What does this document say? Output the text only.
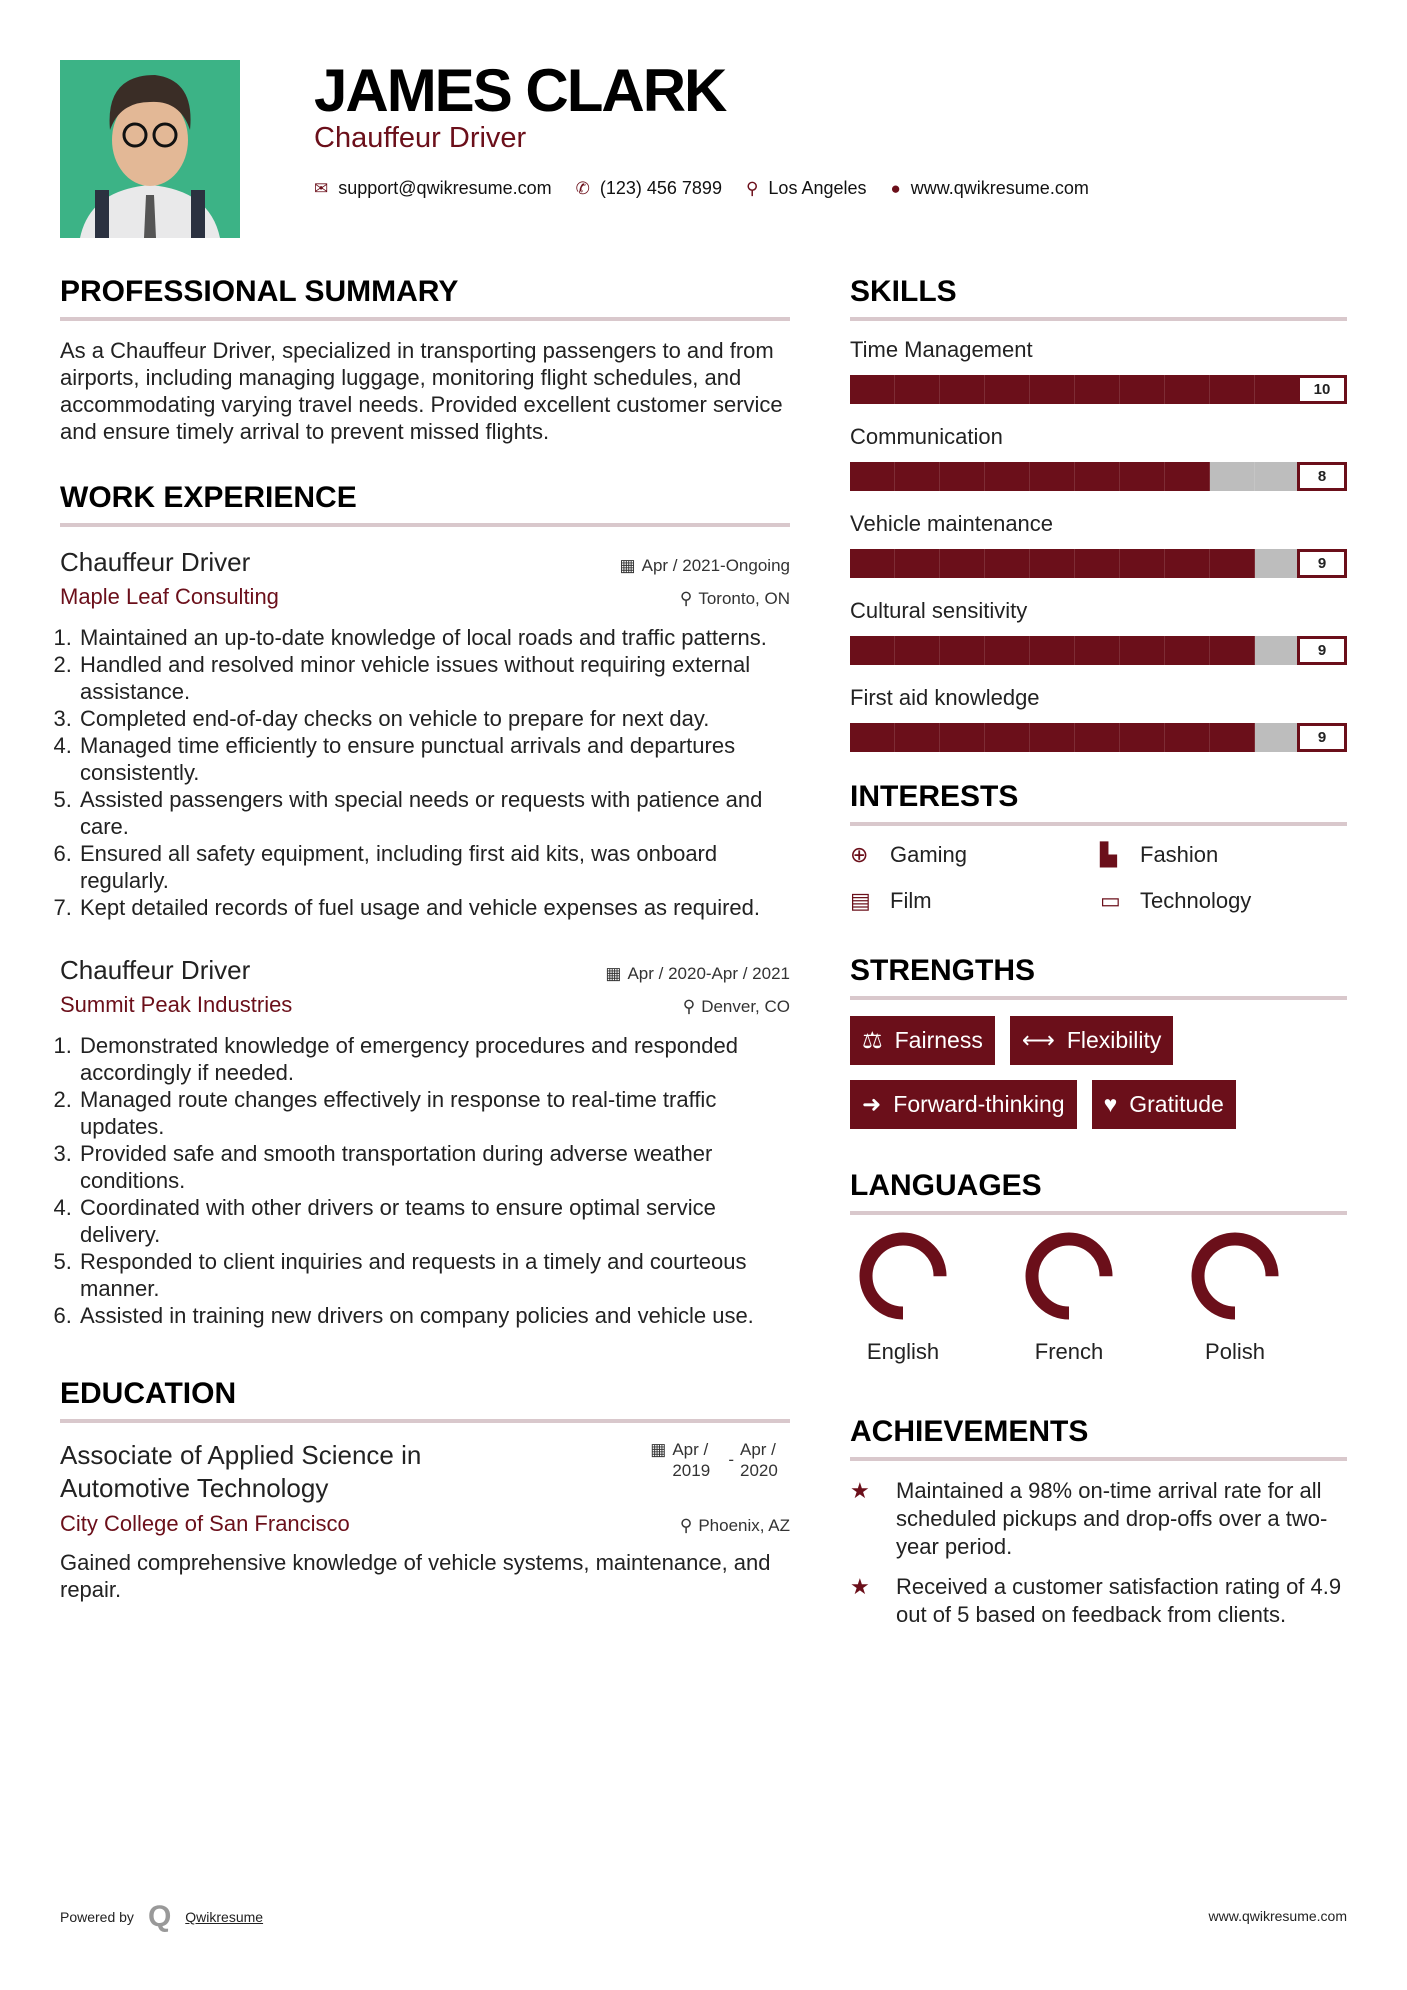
JAMES CLARK
Chauffeur Driver
✉ support@qwikresume.com ✆ (123) 456 7899 ⚲ Los Angeles ● www.qwikresume.com
PROFESSIONAL SUMMARY

As a Chauffeur Driver, specialized in transporting passengers to and from airports, including managing luggage, monitoring flight schedules, and accommodating varying travel needs. Provided excellent customer service and ensure timely arrival to prevent missed flights.

WORK EXPERIENCE
Chauffeur Driver	▦ Apr / 2021-Ongoing
Maple Leaf Consulting	⚲ Toronto, ON
1. Maintained an up-to-date knowledge of local roads and traffic patterns.
2. Handled and resolved minor vehicle issues without requiring external assistance.
3. Completed end-of-day checks on vehicle to prepare for next day.
4. Managed time efficiently to ensure punctual arrivals and departures consistently.
5. Assisted passengers with special needs or requests with patience and care.
6. Ensured all safety equipment, including first aid kits, was onboard regularly.
7. Kept detailed records of fuel usage and vehicle expenses as required.
Chauffeur Driver	▦ Apr / 2020-Apr / 2021
Summit Peak Industries	⚲ Denver, CO
1. Demonstrated knowledge of emergency procedures and responded accordingly if needed.
2. Managed route changes effectively in response to real-time traffic updates.
3. Provided safe and smooth transportation during adverse weather conditions.
4. Coordinated with other drivers or teams to ensure optimal service delivery.
5. Responded to client inquiries and requests in a timely and courteous manner.
6. Assisted in training new drivers on company policies and vehicle use.
EDUCATION
Associate of Applied Science in Automotive Technology
▦ Apr / 2019
-
Apr / 2020
City College of San Francisco	⚲ Phoenix, AZ

Gained comprehensive knowledge of vehicle systems, maintenance, and repair.

SKILLS
Time Management
10
Communication
8
Vehicle maintenance
9
Cultural sensitivity
9
First aid knowledge
9
INTERESTS
⊕ Gaming	▙ Fashion
▤ Film	▭ Technology
STRENGTHS
⚖ Fairness ⟷ Flexibility
➜ Forward-thinking ♥ Gratitude
LANGUAGES
English	French	Polish
ACHIEVEMENTS
★	Maintained a 98% on-time arrival rate for all scheduled pickups and drop-offs over a two-year period.
★	Received a customer satisfaction rating of 4.9 out of 5 based on feedback from clients.
Powered by Q Qwikresume	www.qwikresume.com
